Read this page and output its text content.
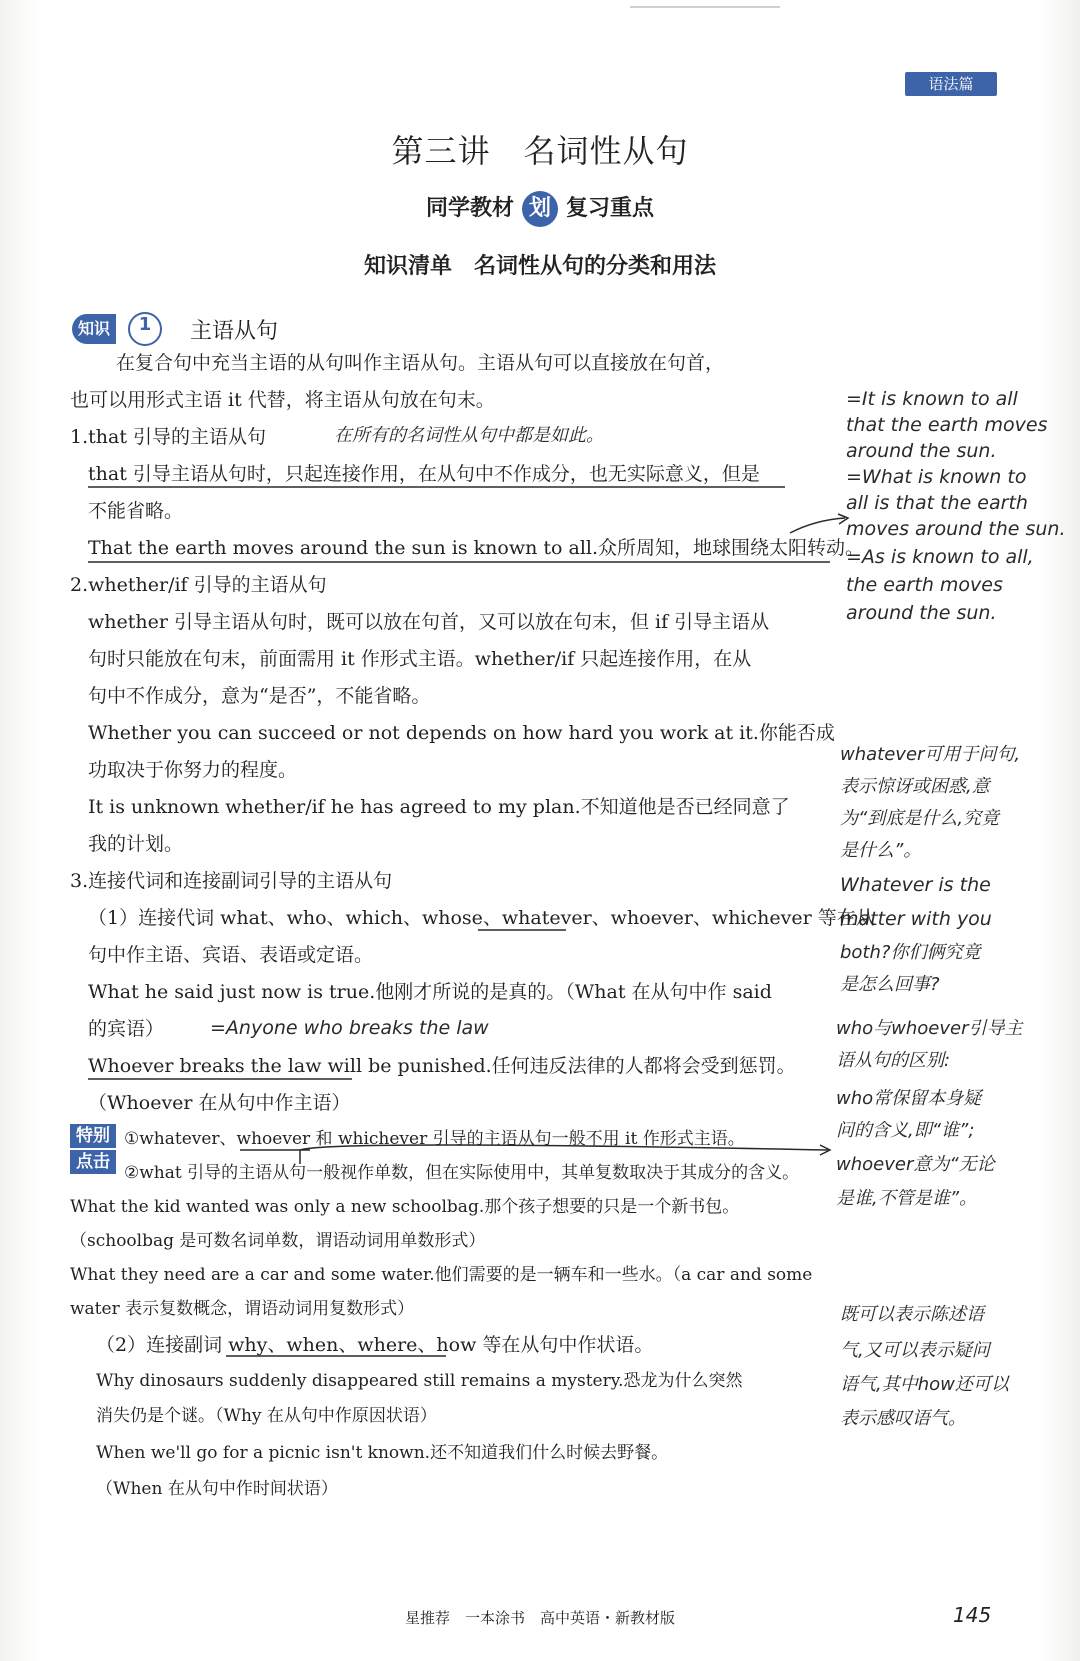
语法篇
第三讲　名词性从句
同学教材 划 复习重点
知识清单　名词性从句的分类和用法
知识	1	主语从句
在复合句中充当主语的从句叫作主语从句。主语从句可以直接放在句首，
也可以用形式主语 it 代替，将主语从句放在句末。
1.that 引导的主语从句
that 引导主语从句时，只起连接作用，在从句中不作成分，也无实际意义，但是
不能省略。
That the earth moves around the sun is known to all.众所周知，地球围绕太阳转动。
2.whether/if 引导的主语从句
whether 引导主语从句时，既可以放在句首，又可以放在句末，但 if 引导主语从
句时只能放在句末，前面需用 it 作形式主语。whether/if 只起连接作用，在从
句中不作成分，意为“是否”，不能省略。
Whether you can succeed or not depends on how hard you work at it.你能否成
功取决于你努力的程度。
It is unknown whether/if he has agreed to my plan.不知道他是否已经同意了
我的计划。
3.连接代词和连接副词引导的主语从句
（1）连接代词 what、who、which、whose、whatever、whoever、whichever 等在从
句中作主语、宾语、表语或定语。
What he said just now is true.他刚才所说的是真的。（What 在从句中作 said
的宾语）
Whoever breaks the law will be punished.任何违反法律的人都将会受到惩罚。
（Whoever 在从句中作主语）
特别
点击
①whatever、whoever 和 whichever 引导的主语从句一般不用 it 作形式主语。
②what 引导的主语从句一般视作单数，但在实际使用中，其单复数取决于其成分的含义。
What the kid wanted was only a new schoolbag.那个孩子想要的只是一个新书包。
（schoolbag 是可数名词单数，谓语动词用单数形式）
What they need are a car and some water.他们需要的是一辆车和一些水。（a car and some
water 表示复数概念，谓语动词用复数形式）
（2）连接副词 why、when、where、how 等在从句中作状语。
Why dinosaurs suddenly disappeared still remains a mystery.恐龙为什么突然
消失仍是个谜。（Why 在从句中作原因状语）
When we'll go for a picnic isn't known.还不知道我们什么时候去野餐。
（When 在从句中作时间状语）
在所有的名词性从句中都是如此。
=Anyone who breaks the law
=It is known to all
that the earth moves
around the sun.
=What is known to
all is that the earth
moves around the sun.
=As is known to all,
the earth moves
around the sun.
whatever可用于问句,
表示惊讶或困惑,意
为“到底是什么,究竟
是什么”。
Whatever is the
matter with you
both?你们俩究竟
是怎么回事?
who与whoever引导主
语从句的区别:
who常保留本身疑
问的含义,即“谁”;
whoever意为“无论
是谁,不管是谁”。
既可以表示陈述语
气,又可以表示疑问
语气,其中how还可以
表示感叹语气。
星推荐　一本涂书　高中英语・新教材版	145
